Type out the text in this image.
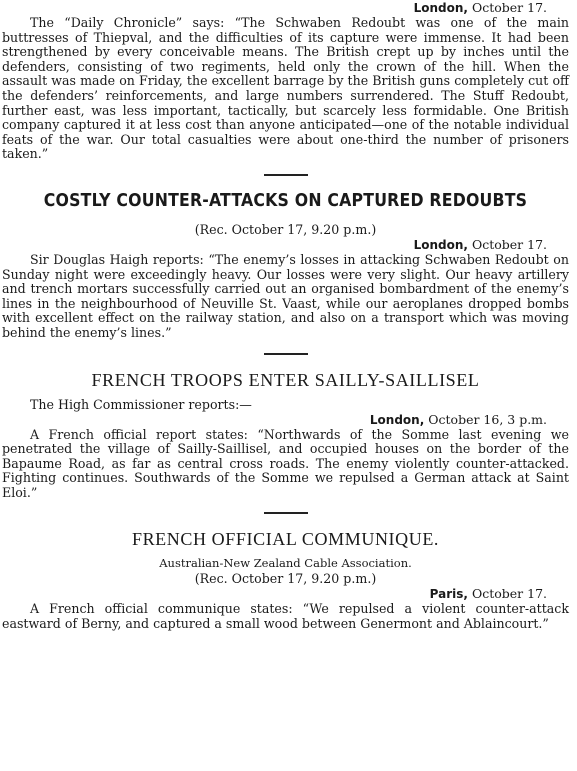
London, October 17.

The “Daily Chronicle” says: “The Schwaben Redoubt was one of the main buttresses of Thiepval, and the difficulties of its capture were immense. It had been strengthened by every conceivable means. The British crept up by inches until the defenders, consisting of two regiments, held only the crown of the hill. When the assault was made on Friday, the excellent barrage by the British guns completely cut off the defenders’ reinforcements, and large numbers surrendered. The Stuff Redoubt, further east, was less important, tactically, but scarcely less formidable. One British company captured it at less cost than anyone anticipated—one of the notable individual feats of the war. Our total casualties were about one-third the number of prisoners taken.”

COSTLY COUNTER-ATTACKS ON CAPTURED REDOUBTS
(Rec. October 17, 9.20 p.m.)
London, October 17.

Sir Douglas Haigh reports: “The enemy’s losses in attacking Schwaben Redoubt on Sunday night were exceedingly heavy. Our losses were very slight. Our heavy artillery and trench mortars successfully carried out an organised bombardment of the enemy’s lines in the neighbourhood of Neuville St. Vaast, while our aeroplanes dropped bombs with excellent effect on the railway station, and also on a transport which was moving behind the enemy’s lines.”

FRENCH TROOPS ENTER SAILLY-SAILLISEL
The High Commissioner reports:—
London, October 16, 3 p.m.

A French official report states: “Northwards of the Somme last evening we penetrated the village of Sailly-Saillisel, and occupied houses on the border of the Bapaume Road, as far as central cross roads. The enemy violently counter-attacked. Fighting continues. Southwards of the Somme we repulsed a German attack at Saint Eloi.”

FRENCH OFFICIAL COMMUNIQUE.
Australian-New Zealand Cable Association.
(Rec. October 17, 9.20 p.m.)
Paris, October 17.

A French official communique states: “We repulsed a violent counter-attack eastward of Berny, and captured a small wood between Genermont and Ablaincourt.”
